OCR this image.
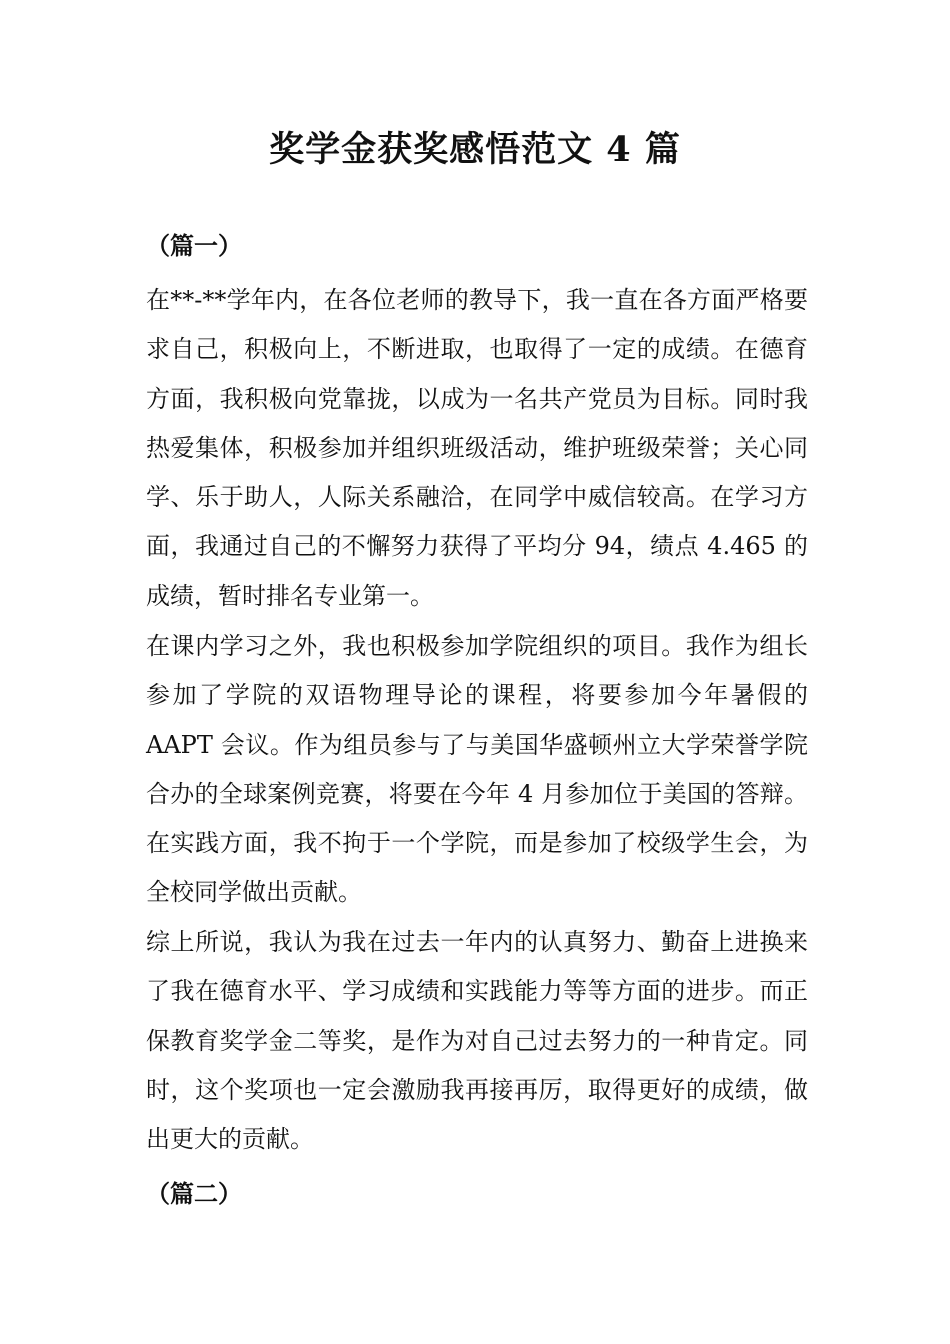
奖学金获奖感悟范文 4 篇
（篇一）

在**-**学年内，在各位老师的教导下，我一直在各方面严格要求自己，积极向上，不断进取，也取得了一定的成绩。在德育方面，我积极向党靠拢，以成为一名共产党员为目标。同时我热爱集体，积极参加并组织班级活动，维护班级荣誉；关心同学、乐于助人，人际关系融洽，在同学中威信较高。在学习方面，我通过自己的不懈努力获得了平均分 94，绩点 4.465 的成绩，暂时排名专业第一。

在课内学习之外，我也积极参加学院组织的项目。我作为组长参加了学院的双语物理导论的课程，将要参加今年暑假的 AAPT 会议。作为组员参与了与美国华盛顿州立大学荣誉学院合办的全球案例竞赛，将要在今年 4 月参加位于美国的答辩。在实践方面，我不拘于一个学院，而是参加了校级学生会，为全校同学做出贡献。

综上所说，我认为我在过去一年内的认真努力、勤奋上进换来了我在德育水平、学习成绩和实践能力等等方面的进步。而正保教育奖学金二等奖，是作为对自己过去努力的一种肯定。同时，这个奖项也一定会激励我再接再厉，取得更好的成绩，做出更大的贡献。

（篇二）
